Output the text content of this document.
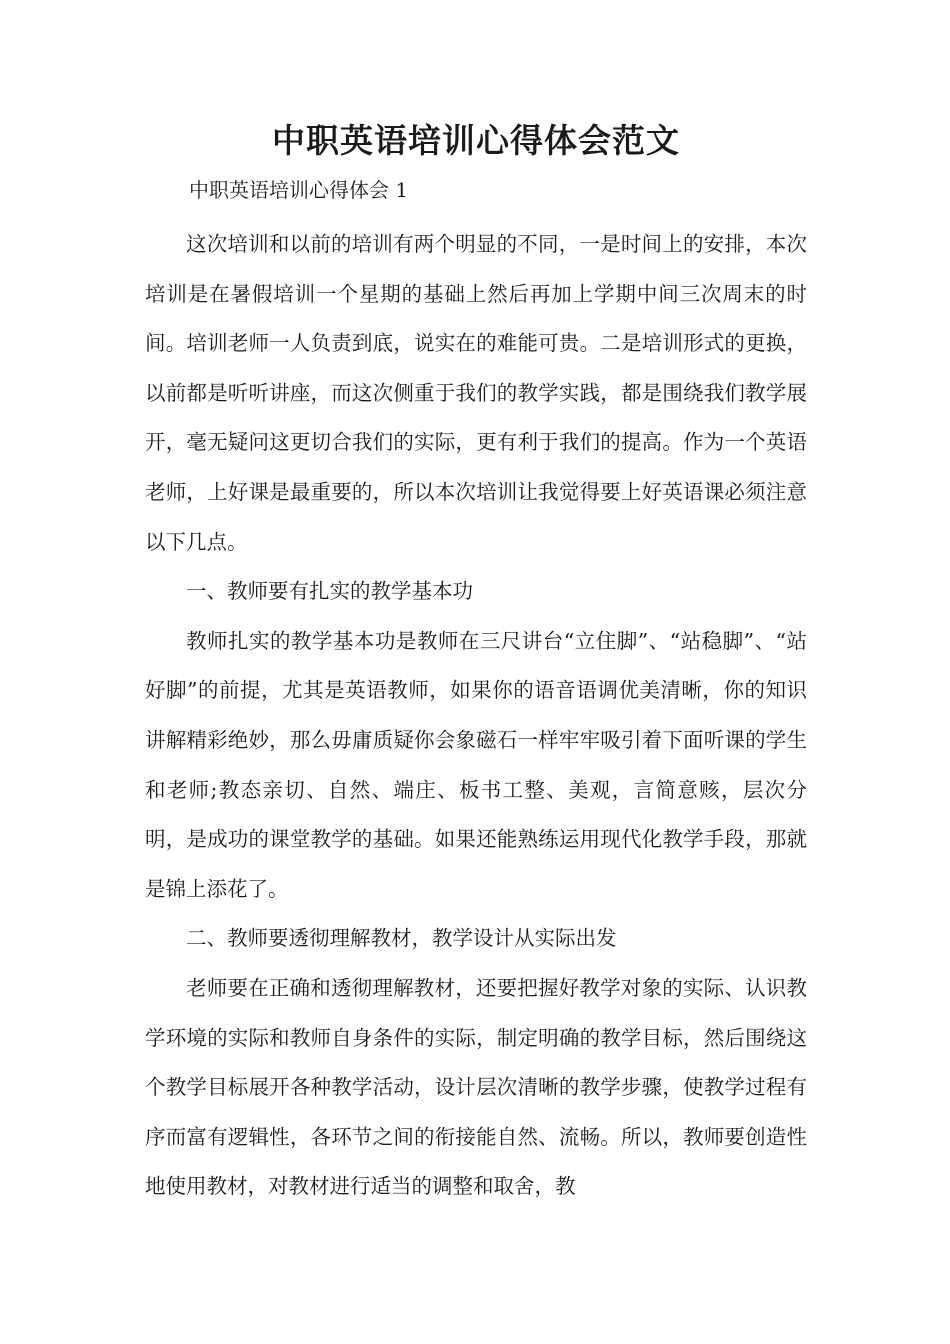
中职英语培训心得体会范文

中职英语培训心得体会 1

这次培训和以前的培训有两个明显的不同，一是时间上的安排，本次培训是在暑假培训一个星期的基础上然后再加上学期中间三次周末的时间。培训老师一人负责到底，说实在的难能可贵。二是培训形式的更换，以前都是听听讲座，而这次侧重于我们的教学实践，都是围绕我们教学展开，毫无疑问这更切合我们的实际，更有利于我们的提高。作为一个英语老师，上好课是最重要的，所以本次培训让我觉得要上好英语课必须注意以下几点。

一、教师要有扎实的教学基本功

教师扎实的教学基本功是教师在三尺讲台“立住脚”、“站稳脚”、“站好脚”的前提，尤其是英语教师，如果你的语音语调优美清晰，你的知识讲解精彩绝妙，那么毋庸质疑你会象磁石一样牢牢吸引着下面听课的学生和老师;教态亲切、自然、端庄、板书工整、美观，言简意赅，层次分明，是成功的课堂教学的基础。如果还能熟练运用现代化教学手段，那就是锦上添花了。

二、教师要透彻理解教材，教学设计从实际出发

老师要在正确和透彻理解教材，还要把握好教学对象的实际、认识教学环境的实际和教师自身条件的实际，制定明确的教学目标，然后围绕这个教学目标展开各种教学活动，设计层次清晰的教学步骤，使教学过程有序而富有逻辑性，各环节之间的衔接能自然、流畅。所以，教师要创造性地使用教材，对教材进行适当的调整和取舍，教
